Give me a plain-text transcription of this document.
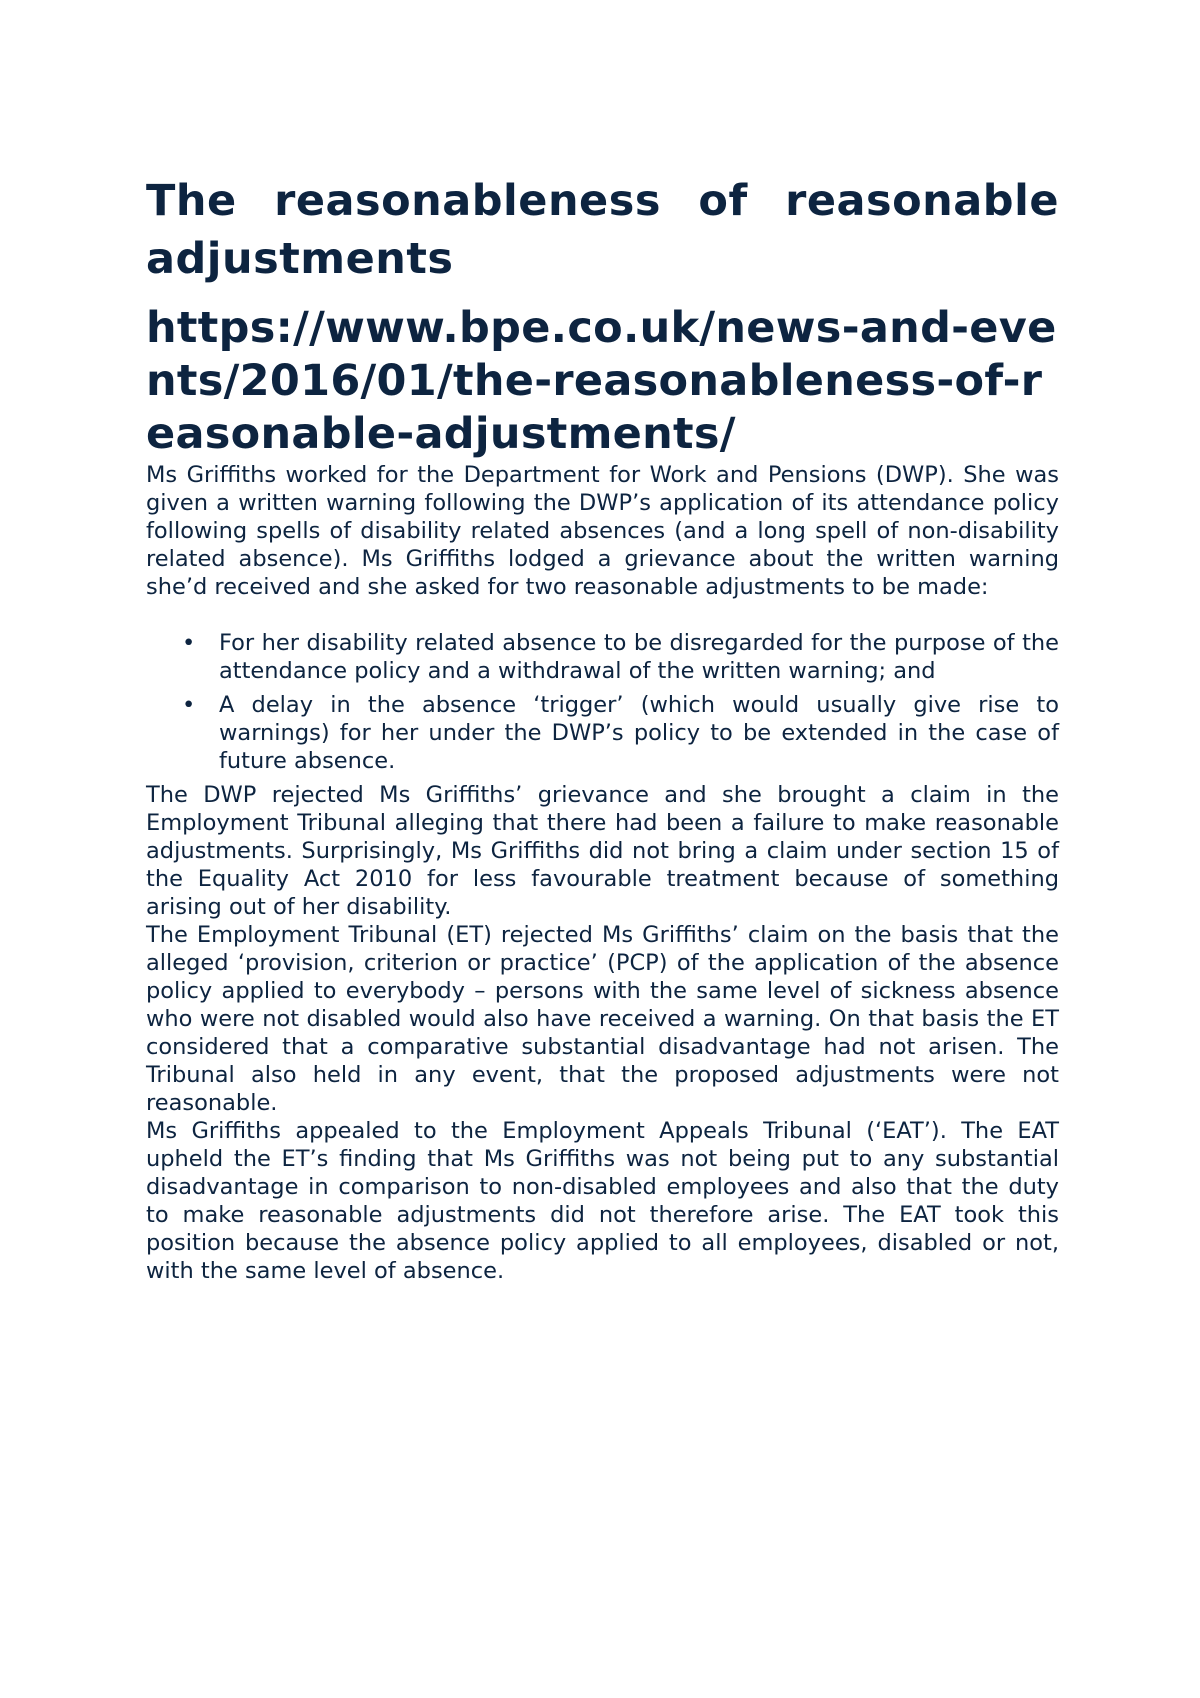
The reasonableness of reasonable adjustments
https://www.bpe.co.uk/news-and-events/2016/01/the-reasonableness-of-reasonable-adjustments/

Ms Griffiths worked for the Department for Work and Pensions (DWP). She was given a written warning following the DWP’s application of its attendance policy following spells of disability related absences (and a long spell of non-disability related absence). Ms Griffiths lodged a grievance about the written warning she’d received and she asked for two reasonable adjustments to be made:

• For her disability related absence to be disregarded for the purpose of the attendance policy and a withdrawal of the written warning; and
• A delay in the absence ‘trigger’ (which would usually give rise to warnings) for her under the DWP’s policy to be extended in the case of future absence.

The DWP rejected Ms Griffiths’ grievance and she brought a claim in the Employment Tribunal alleging that there had been a failure to make reasonable adjustments. Surprisingly, Ms Griffiths did not bring a claim under section 15 of the Equality Act 2010 for less favourable treatment because of something arising out of her disability.

The Employment Tribunal (ET) rejected Ms Griffiths’ claim on the basis that the alleged ‘provision, criterion or practice’ (PCP) of the application of the absence policy applied to everybody – persons with the same level of sickness absence who were not disabled would also have received a warning. On that basis the ET considered that a comparative substantial disadvantage had not arisen. The Tribunal also held in any event, that the proposed adjustments were not reasonable.

Ms Griffiths appealed to the Employment Appeals Tribunal (‘EAT’). The EAT upheld the ET’s finding that Ms Griffiths was not being put to any substantial disadvantage in comparison to non-disabled employees and also that the duty to make reasonable adjustments did not therefore arise. The EAT took this position because the absence policy applied to all employees, disabled or not, with the same level of absence.
